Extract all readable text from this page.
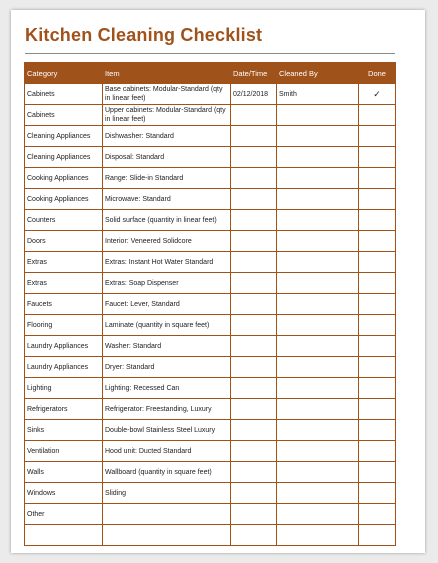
Kitchen Cleaning Checklist
Category	Item	Date/Time	Cleaned By	Done
Cabinets	Base cabinets: Modular-Standard (qty in linear feet)	02/12/2018	Smith	✓
Cabinets	Upper cabinets: Modular-Standard (qty in linear feet)			
Cleaning Appliances	Dishwasher: Standard			
Cleaning Appliances	Disposal: Standard			
Cooking Appliances	Range: Slide-in Standard			
Cooking Appliances	Microwave: Standard			
Counters	Solid surface (quantity in linear feet)			
Doors	Interior: Veneered Solidcore			
Extras	Extras: Instant Hot Water Standard			
Extras	Extras: Soap Dispenser			
Faucets	Faucet: Lever, Standard			
Flooring	Laminate (quantity in square feet)			
Laundry Appliances	Washer: Standard			
Laundry Appliances	Dryer: Standard			
Lighting	Lighting: Recessed Can			
Refrigerators	Refrigerator: Freestanding, Luxury			
Sinks	Double-bowl Stainless Steel Luxury			
Ventilation	Hood unit: Ducted Standard			
Walls	Wallboard (quantity in square feet)			
Windows	Sliding			
Other				
